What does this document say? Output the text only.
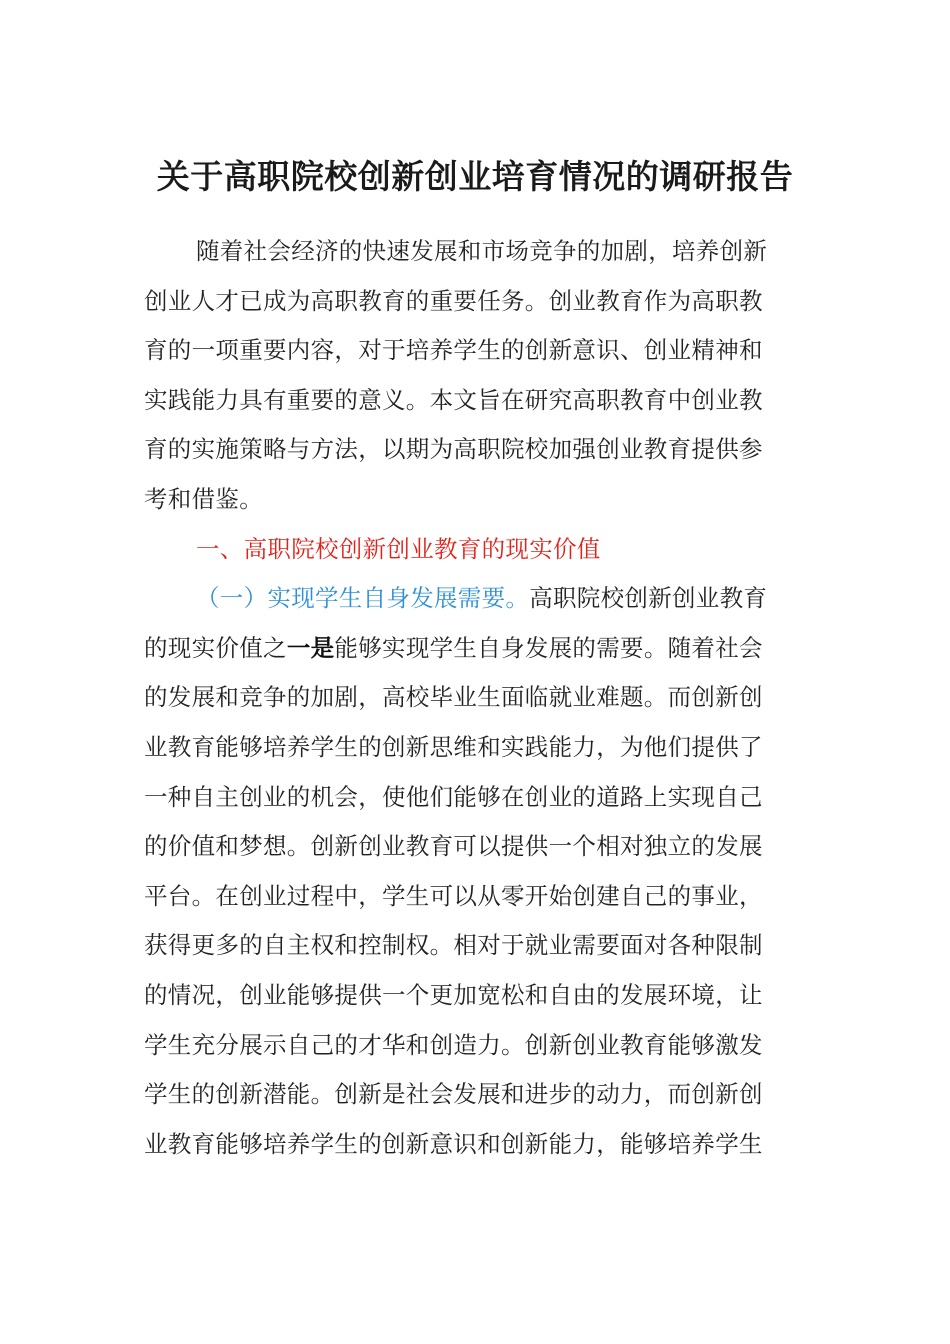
关于高职院校创新创业培育情况的调研报告
随着社会经济的快速发展和市场竞争的加剧，培养创新
创业人才已成为高职教育的重要任务。创业教育作为高职教
育的一项重要内容，对于培养学生的创新意识、创业精神和
实践能力具有重要的意义。本文旨在研究高职教育中创业教
育的实施策略与方法，以期为高职院校加强创业教育提供参
考和借鉴。
一、高职院校创新创业教育的现实价值
（一）实现学生自身发展需要。高职院校创新创业教育
的现实价值之一是能够实现学生自身发展的需要。随着社会
的发展和竞争的加剧，高校毕业生面临就业难题。而创新创
业教育能够培养学生的创新思维和实践能力，为他们提供了
一种自主创业的机会，使他们能够在创业的道路上实现自己
的价值和梦想。创新创业教育可以提供一个相对独立的发展
平台。在创业过程中，学生可以从零开始创建自己的事业，
获得更多的自主权和控制权。相对于就业需要面对各种限制
的情况，创业能够提供一个更加宽松和自由的发展环境，让
学生充分展示自己的才华和创造力。创新创业教育能够激发
学生的创新潜能。创新是社会发展和进步的动力，而创新创
业教育能够培养学生的创新意识和创新能力，能够培养学生
